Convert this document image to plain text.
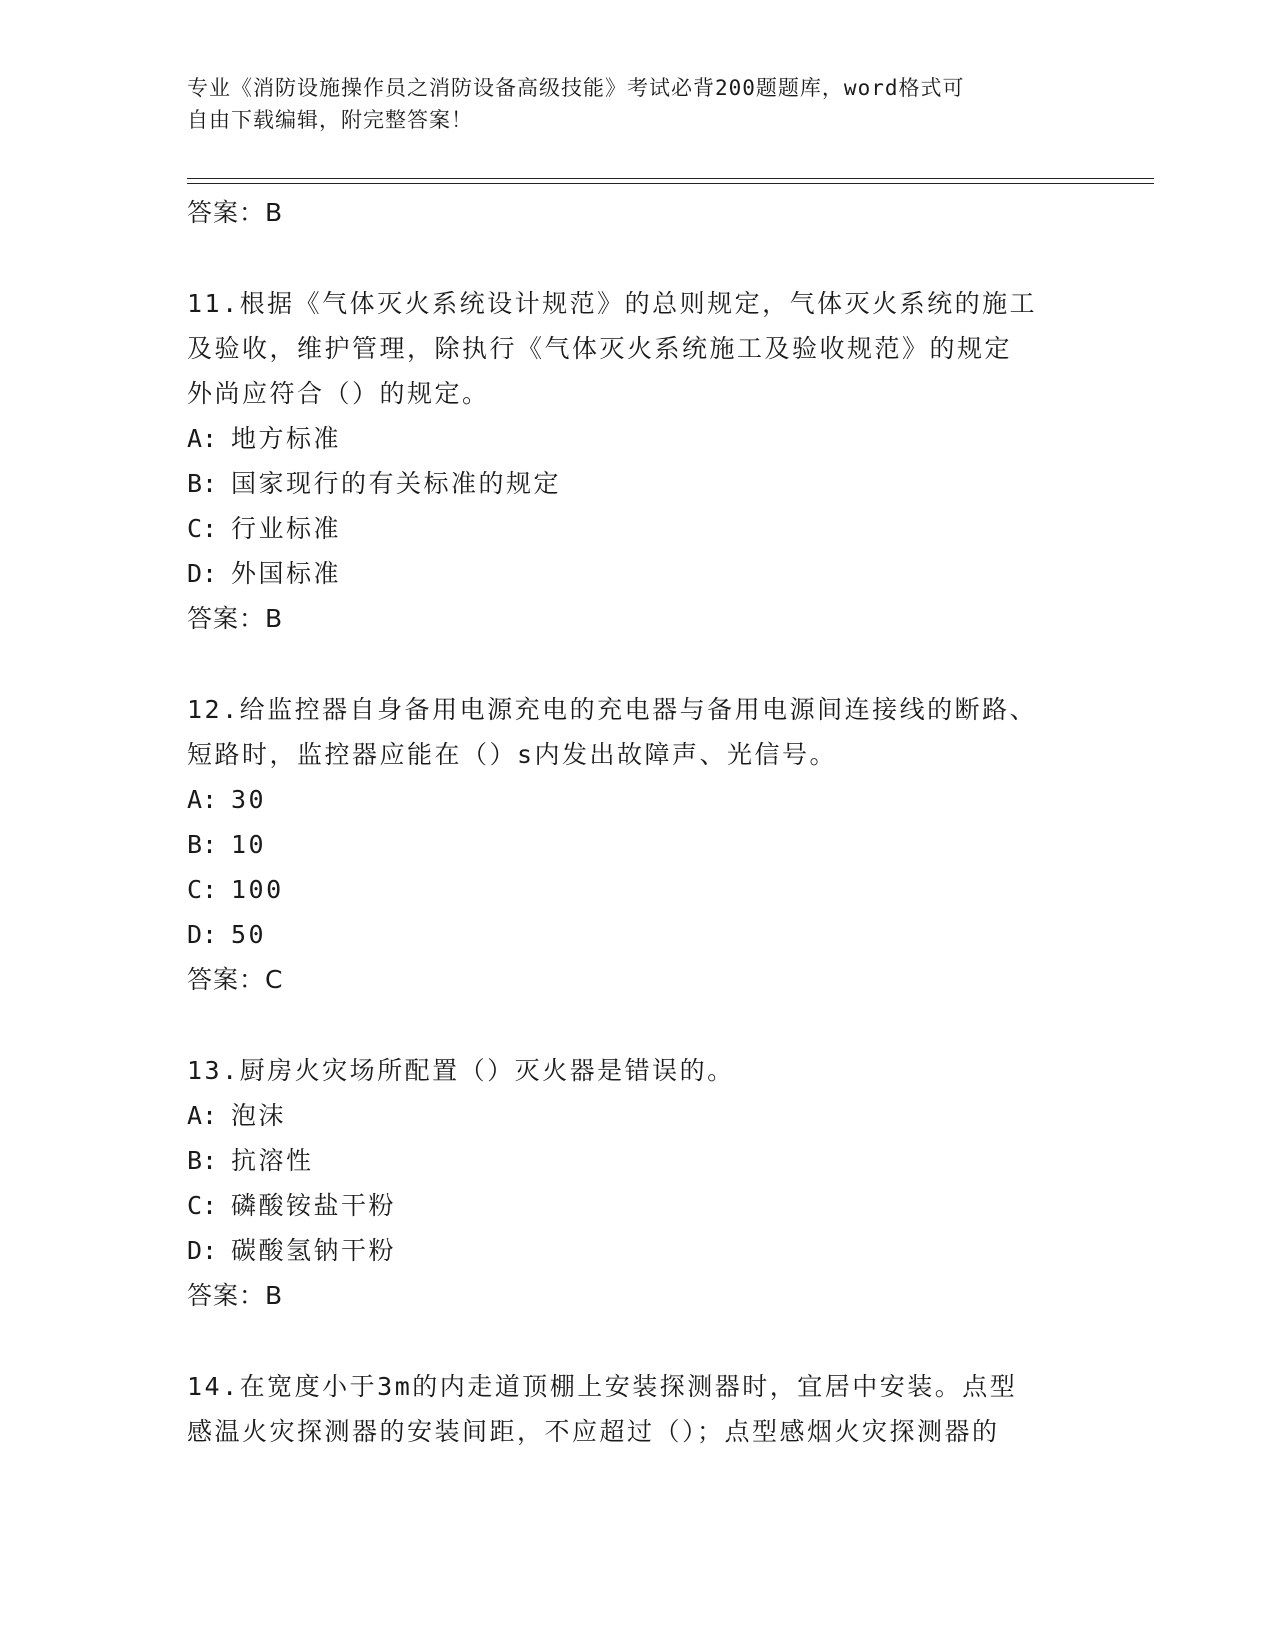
专业《消防设施操作员之消防设备高级技能》考试必背200题题库，word格式可
自由下载编辑，附完整答案！
答案：B
11.根据《气体灭火系统设计规范》的总则规定，气体灭火系统的施工
及验收，维护管理，除执行《气体灭火系统施工及验收规范》的规定
外尚应符合（）的规定。
A: 地方标准
B: 国家现行的有关标准的规定
C: 行业标准
D: 外国标准
答案：B
12.给监控器自身备用电源充电的充电器与备用电源间连接线的断路、
短路时，监控器应能在（）s内发出故障声、光信号。
A: 30
B: 10
C: 100
D: 50
答案：C
13.厨房火灾场所配置（）灭火器是错误的。
A: 泡沫
B: 抗溶性
C: 磷酸铵盐干粉
D: 碳酸氢钠干粉
答案：B
14.在宽度小于3m的内走道顶棚上安装探测器时，宜居中安装。点型
感温火灾探测器的安装间距，不应超过（）；点型感烟火灾探测器的
